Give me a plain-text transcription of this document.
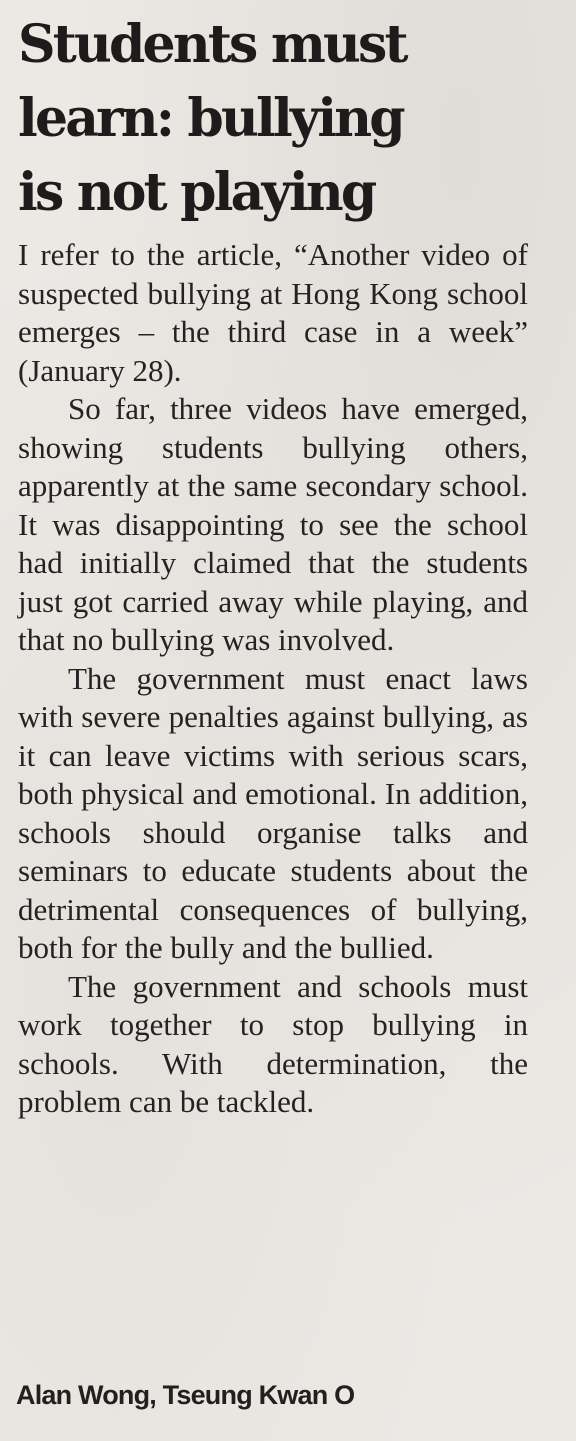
Students must
learn: bullying
is not playing

I refer to the article, “Another video of suspected bullying at Hong Kong school emerges – the third case in a week” (January 28).

So far, three videos have emerged, showing students bullying others, apparently at the same secondary school. It was disappointing to see the school had initially claimed that the students just got carried away while playing, and that no bullying was involved.

The government must enact laws with severe penalties against bullying, as it can leave victims with serious scars, both physical and emotional. In addition, schools should organise talks and seminars to educate students about the detrimental consequences of bullying, both for the bully and the bullied.

The government and schools must work together to stop bullying in schools. With determination, the problem can be tackled.

Alan Wong, Tseung Kwan O
